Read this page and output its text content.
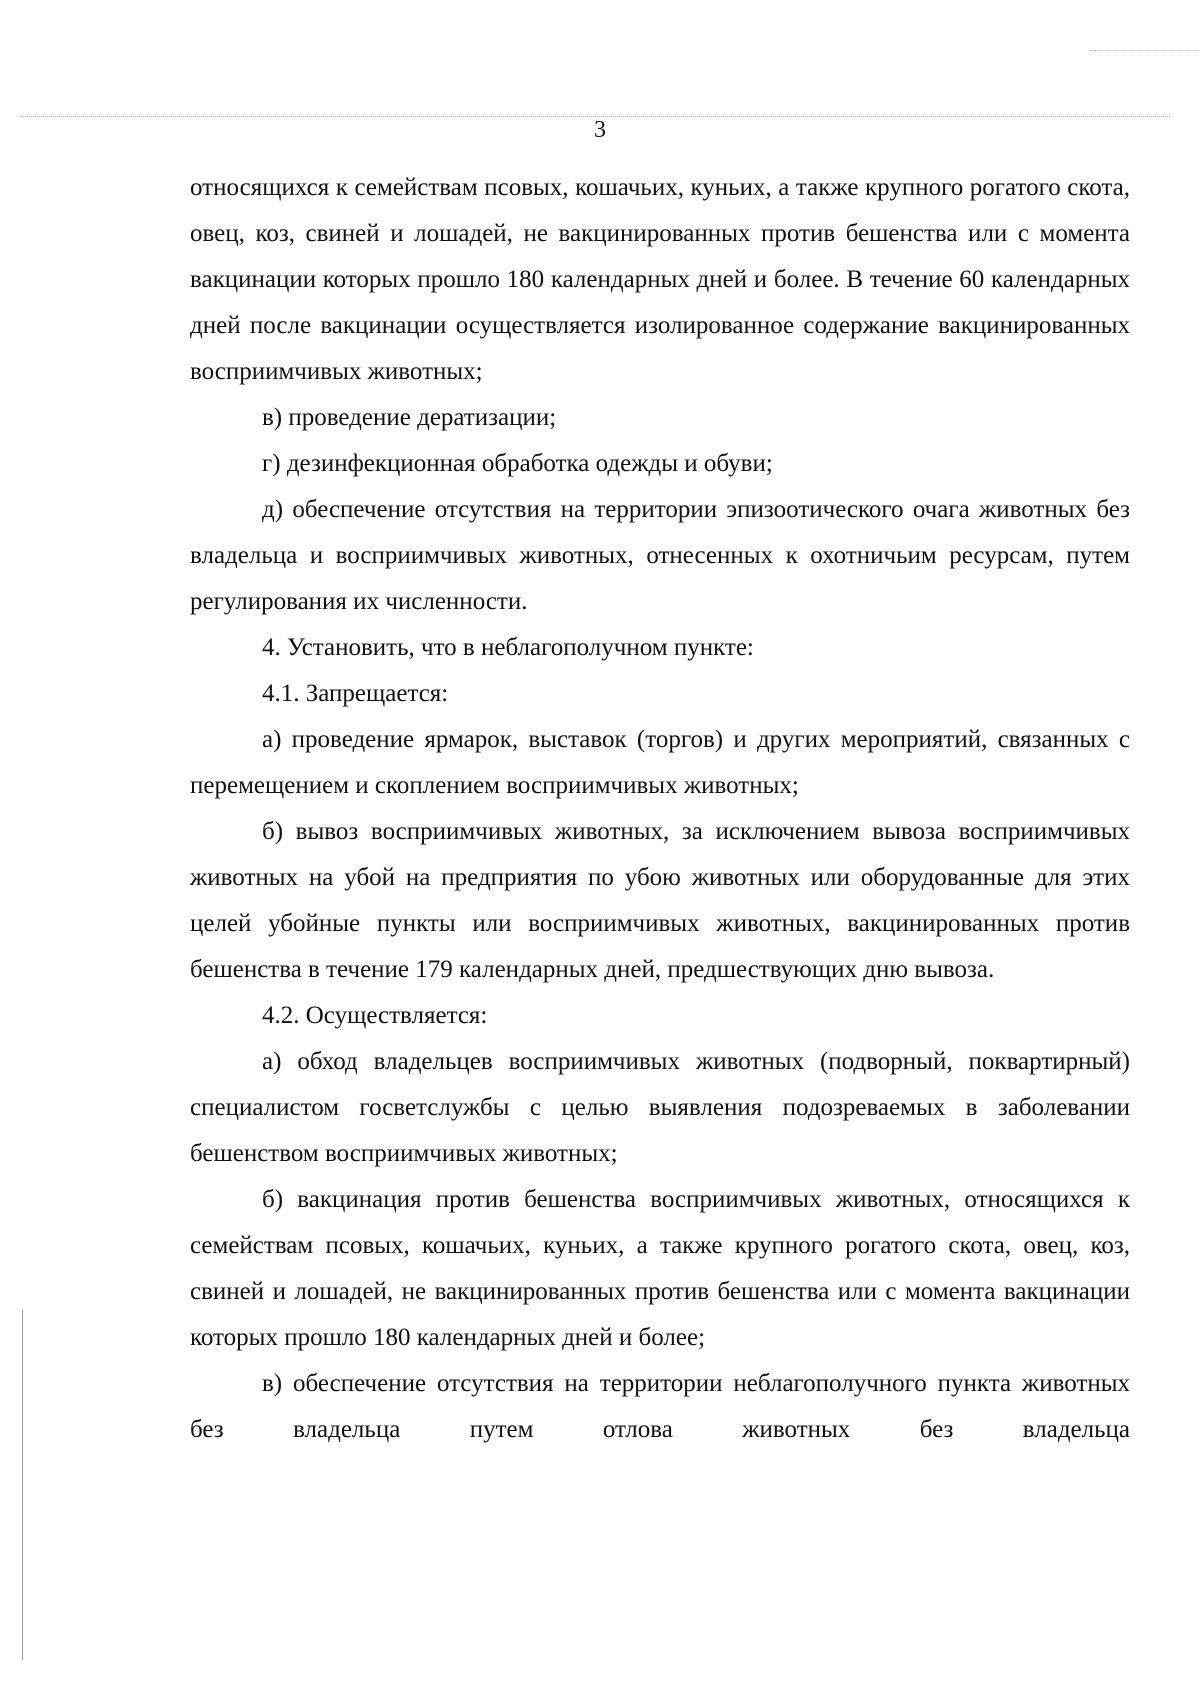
3

относящихся к семействам псовых, кошачьих, куньих, а также крупного рогатого скота, овец, коз, свиней и лошадей, не вакцинированных против бешенства или с момента вакцинации которых прошло 180 календарных дней и более. В течение 60 календарных дней после вакцинации осуществляется изолированное содержание вакцинированных восприимчивых животных;

в) проведение дератизации;

г) дезинфекционная обработка одежды и обуви;

д) обеспечение отсутствия на территории эпизоотического очага животных без владельца и восприимчивых животных, отнесенных к охотничьим ресурсам, путем регулирования их численности.

4. Установить, что в неблагополучном пункте:

4.1. Запрещается:

а) проведение ярмарок, выставок (торгов) и других мероприятий, связанных с перемещением и скоплением восприимчивых животных;

б) вывоз восприимчивых животных, за исключением вывоза восприимчивых животных на убой на предприятия по убою животных или оборудованные для этих целей убойные пункты или восприимчивых животных, вакцинированных против бешенства в течение 179 календарных дней, предшествующих дню вывоза.

4.2. Осуществляется:

а) обход владельцев восприимчивых животных (подворный, поквартирный) специалистом госветслужбы с целью выявления подозреваемых в заболевании бешенством восприимчивых животных;

б) вакцинация против бешенства восприимчивых животных, относящихся к семействам псовых, кошачьих, куньих, а также крупного рогатого скота, овец, коз, свиней и лошадей, не вакцинированных против бешенства или с момента вакцинации которых прошло 180 календарных дней и более;

в) обеспечение отсутствия на территории неблагополучного пункта животных без владельца путем отлова животных без владельца
